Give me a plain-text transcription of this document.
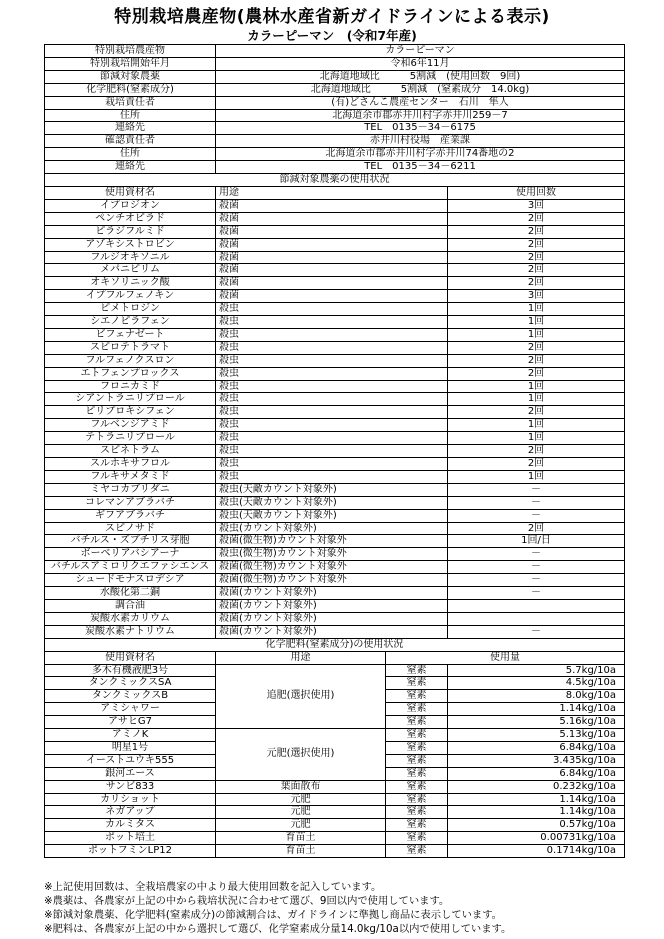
特別栽培農産物(農林水産省新ガイドラインによる表示)
カラーピーマン　(令和7年産)
特別栽培農産物	カラーピーマン		
特別栽培開始年月	令和6年11月		
節減対象農薬	北海道地域比　　　5割減　(使用回数　9回)		
化学肥料(窒素成分)	北海道地域比　　　5割減　(窒素成分　14.0kg)		
栽培責任者	(有)どさんこ農産センター　石川　隼人		
住所	北海道余市郡赤井川村字赤井川259－7		
連絡先	TEL　0135－34－6175		
確認責任者	赤井川村役場　産業課		
住所	北海道余市郡赤井川村字赤井川74番地の2		
連絡先	TEL　0135－34－6211		
節減対象農薬の使用状況			
使用資材名	用途		使用回数
イプロジオン	殺菌		3回
ペンチオピラド	殺菌		2回
ピラジフルミド	殺菌		2回
アゾキシストロビン	殺菌		2回
フルジオキソニル	殺菌		2回
メパニピリム	殺菌		2回
オキソリニック酸	殺菌		2回
イプフルフェノキン	殺菌		3回
ピメトロジン	殺虫		1回
シエノピラフェン	殺虫		1回
ビフェナゼート	殺虫		1回
スピロテトラマト	殺虫		2回
フルフェノクスロン	殺虫		2回
エトフェンプロックス	殺虫		2回
フロニカミド	殺虫		1回
シアントラニリプロール	殺虫		1回
ピリプロキシフェン	殺虫		2回
フルベンジアミド	殺虫		1回
テトラニリプロール	殺虫		1回
スピネトラム	殺虫		2回
スルホキサフロル	殺虫		2回
フルキサメタミド	殺虫		1回
ミヤコカブリダニ	殺虫(天敵カウント対象外)		－
コレマンアブラバチ	殺虫(天敵カウント対象外)		－
ギフアブラバチ	殺虫(天敵カウント対象外)		－
スピノサド	殺虫(カウント対象外)		2回
バチルス・ズブチリス芽胞	殺菌(微生物)カウント対象外		1回/日
ボーベリアバシアーナ	殺虫(微生物)カウント対象外		－
バチルスアミロリクエファシエンス	殺菌(微生物)カウント対象外		－
シュードモナスロデシア	殺菌(微生物)カウント対象外		－
水酸化第二銅	殺菌(カウント対象外)		－
調合油	殺菌(カウント対象外)		
炭酸水素カリウム	殺菌(カウント対象外)		
炭酸水素ナトリウム	殺菌(カウント対象外)		－
化学肥料(窒素成分)の使用状況			
使用資材名	用途	使用量	
多木有機液肥3号	追肥(選択使用)	窒素	5.7kg/10a
タンクミックスSA		窒素	4.5kg/10a
タンクミックスB		窒素	8.0kg/10a
アミシャワー		窒素	1.14kg/10a
アサヒG7		窒素	5.16kg/10a
アミノK	元肥(選択使用)	窒素	5.13kg/10a
明星1号		窒素	6.84kg/10a
イーストユウキ555		窒素	3.435kg/10a
銀河エース		窒素	6.84kg/10a
サンビ833	葉面散布	窒素	0.232kg/10a
カリショット	元肥	窒素	1.14kg/10a
ネガアップ	元肥	窒素	1.14kg/10a
カルミタス	元肥	窒素	0.57kg/10a
ポット培土	育苗土	窒素	0.00731kg/10a
ポットフミンLP12	育苗土	窒素	0.1714kg/10a
※上記使用回数は、全栽培農家の中より最大使用回数を記入しています。
※農薬は、各農家が上記の中から栽培状況に合わせて選び、9回以内で使用しています。
※節減対象農薬、化学肥料(窒素成分)の節減割合は、ガイドラインに準拠し商品に表示しています。
※肥料は、各農家が上記の中から選択して選び、化学窒素成分量14.0kg/10a以内で使用しています。
